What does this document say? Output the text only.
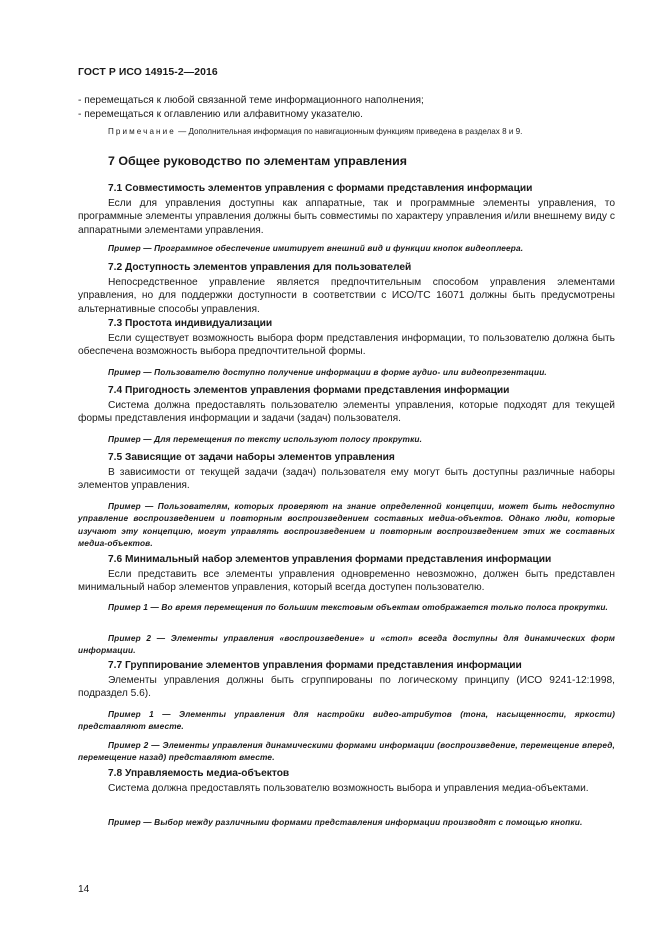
ГОСТ Р ИСО 14915-2—2016
- перемещаться к любой связанной теме информационного наполнения;
- перемещаться к оглавлению или алфавитному указателю.
Примечание — Дополнительная информация по навигационным функциям приведена в разделах 8 и 9.
7 Общее руководство по элементам управления
7.1 Совместимость элементов управления с формами представления информации

Если для управления доступны как аппаратные, так и программные элементы управления, то программные элементы управления должны быть совместимы по характеру управления и/или внешнему виду с аппаратными элементами управления.

Пример — Программное обеспечение имитирует внешний вид и функции кнопок видеоплеера.

7.2 Доступность элементов управления для пользователей

Непосредственное управление является предпочтительным способом управления элементами управления, но для поддержки доступности в соответствии с ИСО/ТС 16071 должны быть предусмотрены альтернативные способы управления.

7.3 Простота индивидуализации

Если существует возможность выбора форм представления информации, то пользователю должна быть обеспечена возможность выбора предпочтительной формы.

Пример — Пользователю доступно получение информации в форме аудио- или видеопрезентации.

7.4 Пригодность элементов управления формами представления информации

Система должна предоставлять пользователю элементы управления, которые подходят для текущей формы представления информации и задачи (задач) пользователя.

Пример — Для перемещения по тексту используют полосу прокрутки.

7.5 Зависящие от задачи наборы элементов управления

В зависимости от текущей задачи (задач) пользователя ему могут быть доступны различные наборы элементов управления.

Пример — Пользователям, которых проверяют на знание определенной концепции, может быть недоступно управление воспроизведением и повторным воспроизведением составных медиа-объектов. Однако люди, которые изучают эту концепцию, могут управлять воспроизведением и повторным воспроизведением этих же составных медиа-объектов.

7.6 Минимальный набор элементов управления формами представления информации

Если представить все элементы управления одновременно невозможно, должен быть представлен минимальный набор элементов управления, который всегда доступен пользователю.

Пример 1 — Во время перемещения по большим текстовым объектам отображается только полоса прокрутки.

Пример 2 — Элементы управления «воспроизведение» и «стоп» всегда доступны для динамических форм информации.

7.7 Группирование элементов управления формами представления информации

Элементы управления должны быть сгруппированы по логическому принципу (ИСО 9241-12:1998, подраздел 5.6).

Пример 1 — Элементы управления для настройки видео-атрибутов (тона, насыщенности, яркости) представляют вместе.

Пример 2 — Элементы управления динамическими формами информации (воспроизведение, перемещение вперед, перемещение назад) представляют вместе.

7.8 Управляемость медиа-объектов

Система должна предоставлять пользователю возможность выбора и управления медиа-объектами.

Пример — Выбор между различными формами представления информации производят с помощью кнопки.

14
